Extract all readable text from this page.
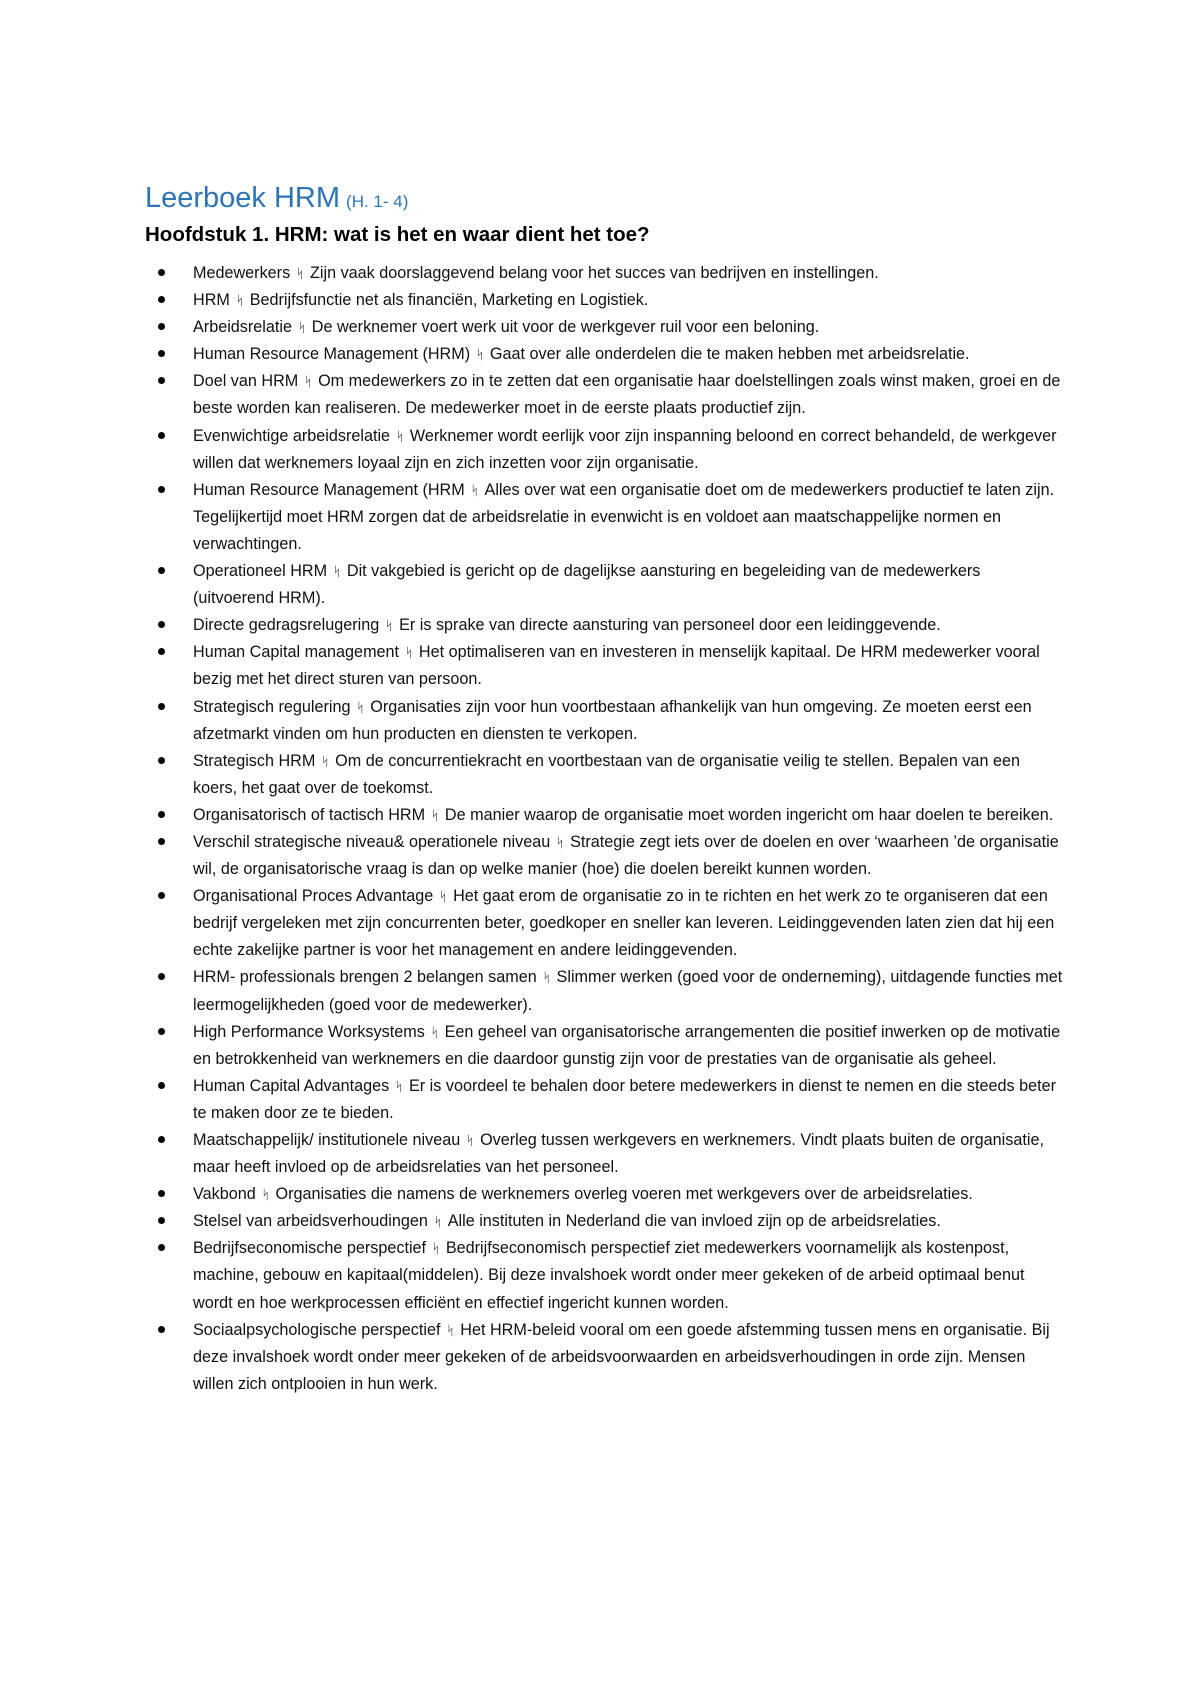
Leerboek HRM (H. 1- 4)
Hoofdstuk 1. HRM: wat is het en waar dient het toe?
Medewerkers ᛋ Zijn vaak doorslaggevend belang voor het succes van bedrijven en instellingen.
HRM ᛋ Bedrijfsfunctie net als financiën, Marketing en Logistiek.
Arbeidsrelatie ᛋ De werknemer voert werk uit voor de werkgever ruil voor een beloning.
Human Resource Management (HRM) ᛋ Gaat over alle onderdelen die te maken hebben met arbeidsrelatie.
Doel van HRM ᛋ Om medewerkers zo in te zetten dat een organisatie haar doelstellingen zoals winst maken, groei en de beste worden kan realiseren. De medewerker moet in de eerste plaats productief zijn.
Evenwichtige arbeidsrelatie ᛋ Werknemer wordt eerlijk voor zijn inspanning beloond en correct behandeld, de werkgever willen dat werknemers loyaal zijn en zich inzetten voor zijn organisatie.
Human Resource Management (HRM ᛋ Alles over wat een organisatie doet om de medewerkers productief te laten zijn. Tegelijkertijd moet HRM zorgen dat de arbeidsrelatie in evenwicht is en voldoet aan maatschappelijke normen en verwachtingen.
Operationeel HRM ᛋ Dit vakgebied is gericht op de dagelijkse aansturing en begeleiding van de medewerkers (uitvoerend HRM).
Directe gedragsrelugering ᛋ Er is sprake van directe aansturing van personeel door een leidinggevende.
Human Capital management ᛋ Het optimaliseren van en investeren in menselijk kapitaal. De HRM medewerker vooral bezig met het direct sturen van persoon.
Strategisch regulering ᛋ Organisaties zijn voor hun voortbestaan afhankelijk van hun omgeving. Ze moeten eerst een afzetmarkt vinden om hun producten en diensten te verkopen.
Strategisch HRM ᛋ Om de concurrentiekracht en voortbestaan van de organisatie veilig te stellen. Bepalen van een koers, het gaat over de toekomst.
Organisatorisch of tactisch HRM ᛋ De manier waarop de organisatie moet worden ingericht om haar doelen te bereiken.
Verschil strategische niveau& operationele niveau ᛋ Strategie zegt iets over de doelen en over ‘waarheen ’de organisatie wil, de organisatorische vraag is dan op welke manier (hoe) die doelen bereikt kunnen worden.
Organisational Proces Advantage ᛋ Het gaat erom de organisatie zo in te richten en het werk zo te organiseren dat een bedrijf vergeleken met zijn concurrenten beter, goedkoper en sneller kan leveren. Leidinggevenden laten zien dat hij een echte zakelijke partner is voor het management en andere leidinggevenden.
HRM- professionals brengen 2 belangen samen ᛋ Slimmer werken (goed voor de onderneming), uitdagende functies met leermogelijkheden (goed voor de medewerker).
High Performance Worksystems ᛋ Een geheel van organisatorische arrangementen die positief inwerken op de motivatie en betrokkenheid van werknemers en die daardoor gunstig zijn voor de prestaties van de organisatie als geheel.
Human Capital Advantages ᛋ Er is voordeel te behalen door betere medewerkers in dienst te nemen en die steeds beter te maken door ze te bieden.
Maatschappelijk/ institutionele niveau ᛋ Overleg tussen werkgevers en werknemers. Vindt plaats buiten de organisatie, maar heeft invloed op de arbeidsrelaties van het personeel.
Vakbond ᛋ Organisaties die namens de werknemers overleg voeren met werkgevers over de arbeidsrelaties.
Stelsel van arbeidsverhoudingen ᛋ Alle instituten in Nederland die van invloed zijn op de arbeidsrelaties.
Bedrijfseconomische perspectief ᛋ Bedrijfseconomisch perspectief ziet medewerkers voornamelijk als kostenpost, machine, gebouw en kapitaal(middelen). Bij deze invalshoek wordt onder meer gekeken of de arbeid optimaal benut wordt en hoe werkprocessen efficiënt en effectief ingericht kunnen worden.
Sociaalpsychologische perspectief ᛋ Het HRM-beleid vooral om een goede afstemming tussen mens en organisatie. Bij deze invalshoek wordt onder meer gekeken of de arbeidsvoorwaarden en arbeidsverhoudingen in orde zijn. Mensen willen zich ontplooien in hun werk.
